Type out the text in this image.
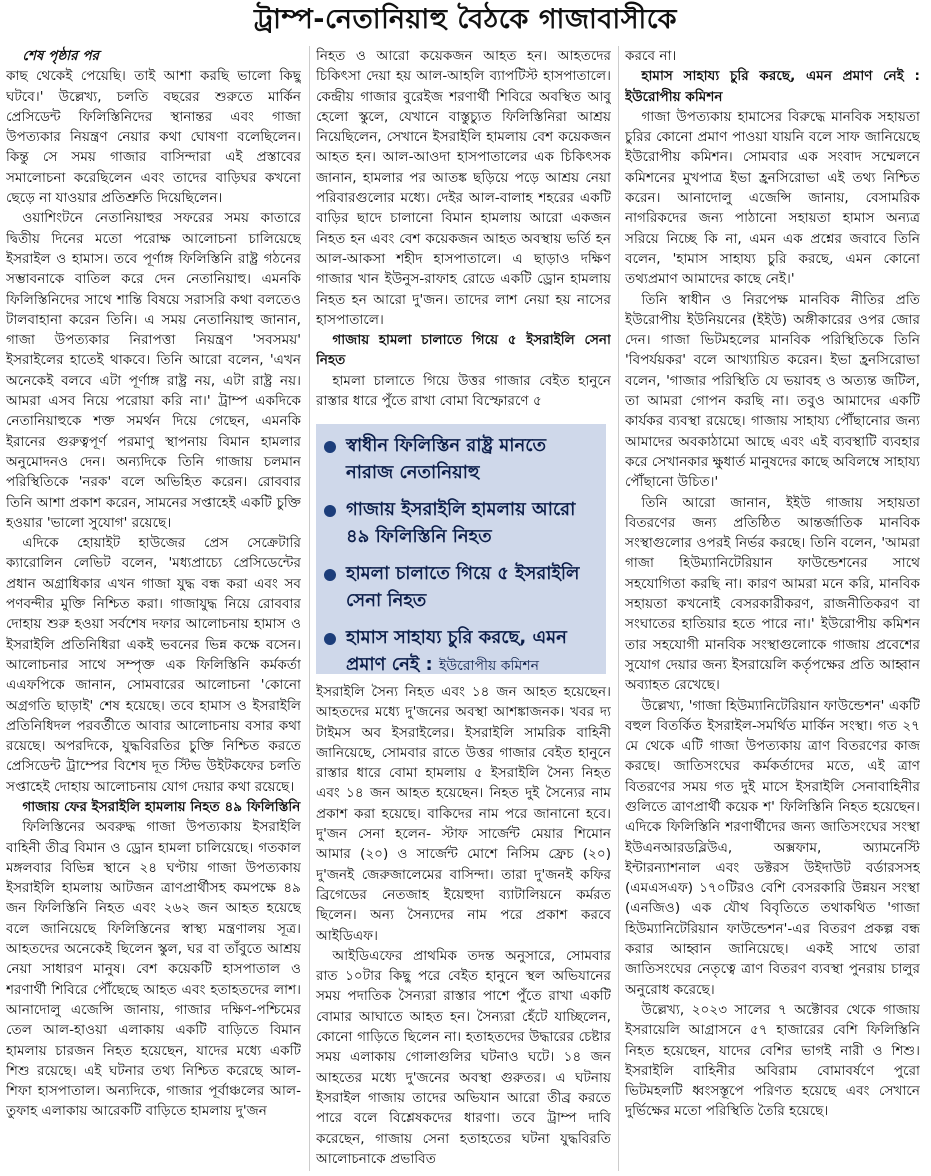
ট্রাম্প-নেতানিয়াহু বৈঠকে গাজাবাসীকে

শেষ পৃষ্ঠার পর

কাছ থেকেই পেয়েছি। তাই আশা করছি ভালো কিছু ঘটবে।' উল্লেখ্য, চলতি বছরের শুরুতে মার্কিন প্রেসিডেন্ট ফিলিস্তিনিদের স্থানান্তর এবং গাজা উপত্যকার নিয়ন্ত্রণ নেয়ার কথা ঘোষণা বলেছিলেন। কিন্তু সে সময় গাজার বাসিন্দারা এই প্রস্তাবের সমালোচনা করেছিলেন এবং তাদের বাড়িঘর কখনো ছেড়ে না যাওয়ার প্রতিশ্রুতি দিয়েছিলেন।

ওয়াশিংটনে নেতানিয়াহুর সফরের সময় কাতারে দ্বিতীয় দিনের মতো পরোক্ষ আলোচনা চালিয়েছে ইসরাইল ও হামাস। তবে পূর্ণাঙ্গ ফিলিস্তিনি রাষ্ট্র গঠনের সম্ভাবনাকে বাতিল করে দেন নেতানিয়াহু। এমনকি ফিলিস্তিনিদের সাথে শান্তি বিষয়ে সরাসরি কথা বলতেও টালবাহানা করেন তিনি। এ সময় নেতানিয়াহু জানান, গাজা উপত্যকার নিরাপত্তা নিয়ন্ত্রণ 'সবসময়' ইসরাইলের হাতেই থাকবে। তিনি আরো বলেন, 'এখন অনেকেই বলবে এটা পূর্ণাঙ্গ রাষ্ট্র নয়, এটা রাষ্ট্র নয়। আমরা এসব নিয়ে পরোয়া করি না।' ট্রাম্প একদিকে নেতানিয়াহুকে শক্ত সমর্থন দিয়ে গেছেন, এমনকি ইরানের গুরুত্বপূর্ণ পরমাণু স্থাপনায় বিমান হামলার অনুমোদনও দেন। অন্যদিকে তিনি গাজায় চলমান পরিস্থিতিকে 'নরক' বলে অভিহিত করেন। রোববার তিনি আশা প্রকাশ করেন, সামনের সপ্তাহেই একটি চুক্তি হওয়ার 'ভালো সুযোগ' রয়েছে।

এদিকে হোয়াইট হাউজের প্রেস সেক্রেটারি ক্যারোলিন লেভিট বলেন, 'মধ্যপ্রাচ্যে প্রেসিডেন্টের প্রধান অগ্রাধিকার এখন গাজা যুদ্ধ বন্ধ করা এবং সব পণবন্দীর মুক্তি নিশ্চিত করা। গাজাযুদ্ধ নিয়ে রোববার দোহায় শুরু হওয়া সর্বশেষ দফার আলোচনায় হামাস ও ইসরাইলি প্রতিনিধিরা একই ভবনের ভিন্ন কক্ষে বসেন। আলোচনার সাথে সম্পৃক্ত এক ফিলিস্তিনি কর্মকর্তা এএফপিকে জানান, সোমবারের আলোচনা 'কোনো অগ্রগতি ছাড়াই' শেষ হয়েছে। তবে হামাস ও ইসরাইলি প্রতিনিধিদল পরবর্তীতে আবার আলোচনায় বসার কথা রয়েছে। অপরদিকে, যুদ্ধবিরতির চুক্তি নিশ্চিত করতে প্রেসিডেন্ট ট্রাম্পের বিশেষ দূত স্টিভ উইটকফের চলতি সপ্তাহেই দোহায় আলোচনায় যোগ দেয়ার কথা রয়েছে।

গাজায় ফের ইসরাইলি হামলায় নিহত ৪৯ ফিলিস্তিনি

ফিলিস্তিনের অবরুদ্ধ গাজা উপত্যকায় ইসরাইলি বাহিনী তীব্র বিমান ও ড্রোন হামলা চালিয়েছে। গতকাল মঙ্গলবার বিভিন্ন স্থানে ২৪ ঘণ্টায় গাজা উপত্যকায় ইসরাইলি হামলায় আটজন ত্রাণপ্রার্থীসহ কমপক্ষে ৪৯ জন ফিলিস্তিনি নিহত এবং ২৬২ জন আহত হয়েছে বলে জানিয়েছে ফিলিস্তিনের স্বাস্থ্য মন্ত্রণালয় সূত্র। আহতদের অনেকেই ছিলেন স্কুল, ঘর বা তাঁবুতে আশ্রয় নেয়া সাধারণ মানুষ। বেশ কয়েকটি হাসপাতাল ও শরণার্থী শিবিরে পৌঁছেছে আহত এবং হতাহতদের লাশ। আনাদোলু এজেন্সি জানায়, গাজার দক্ষিণ-পশ্চিমের তেল আল-হাওয়া এলাকায় একটি বাড়িতে বিমান হামলায় চারজন নিহত হয়েছেন, যাদের মধ্যে একটি শিশু রয়েছে। এই ঘটনার তথ্য নিশ্চিত করেছে আল-শিফা হাসপাতাল। অন্যদিকে, গাজার পূর্বাঞ্চলের আল-তুফাহ এলাকায় আরেকটি বাড়িতে হামলায় দু'জন

নিহত ও আরো কয়েকজন আহত হন। আহতদের চিকিৎসা দেয়া হয় আল-আহলি ব্যাপটিস্ট হাসপাতালে। কেন্দ্রীয় গাজার বুরেইজ শরণার্থী শিবিরে অবস্থিত আবু হেলো স্কুলে, যেখানে বাস্তুচ্যুত ফিলিস্তিনিরা আশ্রয় নিয়েছিলেন, সেখানে ইসরাইলি হামলায় বেশ কয়েকজন আহত হন। আল-আওদা হাসপাতালের এক চিকিৎসক জানান, হামলার পর আতঙ্ক ছড়িয়ে পড়ে আশ্রয় নেয়া পরিবারগুলোর মধ্যে। দেইর আল-বালাহ শহরের একটি বাড়ির ছাদে চালানো বিমান হামলায় আরো একজন নিহত হন এবং বেশ কয়েকজন আহত অবস্থায় ভর্তি হন আল-আকসা শহীদ হাসপাতালে। এ ছাড়াও দক্ষিণ গাজার খান ইউনুস-রাফাহ রোডে একটি ড্রোন হামলায় নিহত হন আরো দু'জন। তাদের লাশ নেয়া হয় নাসের হাসপাতালে।

গাজায় হামলা চালাতে গিয়ে ৫ ইসরাইলি সেনা নিহত

হামলা চালাতে গিয়ে উত্তর গাজার বেইত হানুনে রাস্তার ধারে পুঁতে রাখা বোমা বিস্ফোরণে ৫

স্বাধীন ফিলিস্তিন রাষ্ট্র মানতে নারাজ নেতানিয়াহু
গাজায় ইসরাইলি হামলায় আরো ৪৯ ফিলিস্তিনি নিহত
হামলা চালাতে গিয়ে ৫ ইসরাইলি সেনা নিহত
হামাস সাহায্য চুরি করছে, এমন প্রমাণ নেই : ইউরোপীয় কমিশন

ইসরাইলি সৈন্য নিহত এবং ১৪ জন আহত হয়েছেন। আহতদের মধ্যে দু'জনের অবস্থা আশঙ্কাজনক। খবর দ্য টাইমস অব ইসরাইলের। ইসরাইলি সামরিক বাহিনী জানিয়েছে, সোমবার রাতে উত্তর গাজার বেইত হানুনে রাস্তার ধারে বোমা হামলায় ৫ ইসরাইলি সৈন্য নিহত এবং ১৪ জন আহত হয়েছেন। নিহত দুই সৈন্যের নাম প্রকাশ করা হয়েছে। বাকিদের নাম পরে জানানো হবে। দু'জন সেনা হলেন- স্টাফ সার্জেন্ট মেয়ার শিমোন আমার (২০) ও সার্জেন্ট মোশে নিসিম ফ্রেচ (২০) দু'জনই জেরুজালেমের বাসিন্দা। তারা দু'জনই কফির ব্রিগেডের নেতজাহ ইয়েহুদা ব্যাটালিয়নে কর্মরত ছিলেন। অন্য সৈন্যদের নাম পরে প্রকাশ করবে আইডিএফ।

আইডিএফের প্রাথমিক তদন্ত অনুসারে, সোমবার রাত ১০টার কিছু পরে বেইত হানুনে স্থল অভিযানের সময় পদাতিক সৈন্যরা রাস্তার পাশে পুঁতে রাখা একটি বোমার আঘাতে আহত হন। সৈন্যরা হেঁটে যাচ্ছিলেন, কোনো গাড়িতে ছিলেন না। হতাহতদের উদ্ধারের চেষ্টার সময় এলাকায় গোলাগুলির ঘটনাও ঘটে। ১৪ জন আহতের মধ্যে দু'জনের অবস্থা গুরুতর। এ ঘটনায় ইসরাইল গাজায় তাদের অভিযান আরো তীব্র করতে পারে বলে বিশ্লেষকদের ধারণা। তবে ট্রাম্প দাবি করেছেন, গাজায় সেনা হতাহতের ঘটনা যুদ্ধবিরতি আলোচনাকে প্রভাবিত

করবে না।

হামাস সাহায্য চুরি করছে, এমন প্রমাণ নেই : ইউরোপীয় কমিশন

গাজা উপত্যকায় হামাসের বিরুদ্ধে মানবিক সহায়তা চুরির কোনো প্রমাণ পাওয়া যায়নি বলে সাফ জানিয়েছে ইউরোপীয় কমিশন। সোমবার এক সংবাদ সম্মেলনে কমিশনের মুখপাত্র ইভা হ্রনসিরোভা এই তথ্য নিশ্চিত করেন। আনাদোলু এজেন্সি জানায়, বেসামরিক নাগরিকদের জন্য পাঠানো সহায়তা হামাস অন্যত্র সরিয়ে নিচ্ছে কি না, এমন এক প্রশ্নের জবাবে তিনি বলেন, 'হামাস সাহায্য চুরি করছে, এমন কোনো তথ্যপ্রমাণ আমাদের কাছে নেই।'

তিনি স্বাধীন ও নিরপেক্ষ মানবিক নীতির প্রতি ইউরোপীয় ইউনিয়নের (ইইউ) অঙ্গীকারের ওপর জোর দেন। গাজা ভিটমহলের মানবিক পরিস্থিতিকে তিনি 'বিপর্যয়কর' বলে আখ্যায়িত করেন। ইভা হ্রনসিরোভা বলেন, 'গাজার পরিস্থিতি যে ভয়াবহ ও অত্যন্ত জটিল, তা আমরা গোপন করছি না। তবুও আমাদের একটি কার্যকর ব্যবস্থা রয়েছে। গাজায় সাহায্য পৌঁছানোর জন্য আমাদের অবকাঠামো আছে এবং এই ব্যবস্থাটি ব্যবহার করে সেখানকার ক্ষুধার্ত মানুষদের কাছে অবিলম্বে সাহায্য পৌঁছানো উচিত।'

তিনি আরো জানান, ইইউ গাজায় সহায়তা বিতরণের জন্য প্রতিষ্ঠিত আন্তর্জাতিক মানবিক সংস্থাগুলোর ওপরই নির্ভর করছে। তিনি বলেন, 'আমরা গাজা হিউম্যানিটেরিয়ান ফাউন্ডেশনের সাথে সহযোগিতা করছি না। কারণ আমরা মনে করি, মানবিক সহায়তা কখনোই বেসরকারীকরণ, রাজনীতিকরণ বা সংঘাতের হাতিয়ার হতে পারে না।' ইউরোপীয় কমিশন তার সহযোগী মানবিক সংস্থাগুলোকে গাজায় প্রবেশের সুযোগ দেয়ার জন্য ইসরায়েলি কর্তৃপক্ষের প্রতি আহ্বান অব্যাহত রেখেছে।

উল্লেখ্য, 'গাজা হিউম্যানিটেরিয়ান ফাউন্ডেশন' একটি বহুল বিতর্কিত ইসরাইল-সমর্থিত মার্কিন সংস্থা। গত ২৭ মে থেকে এটি গাজা উপত্যকায় ত্রাণ বিতরণের কাজ করছে। জাতিসংঘের কর্মকর্তাদের মতে, এই ত্রাণ বিতরণের সময় গত দুই মাসে ইসরাইলি সেনাবাহিনীর গুলিতে ত্রাণপ্রার্থী কয়েক শ' ফিলিস্তিনি নিহত হয়েছেন। এদিকে ফিলিস্তিনি শরণার্থীদের জন্য জাতিসংঘের সংস্থা ইউএনআরডব্লিউএ, অক্সফাম, অ্যামনেস্টি ইন্টারন্যাশনাল এবং ডক্টরস উইদাউট বর্ডারসসহ (এমএসএফ) ১৭০টিরও বেশি বেসরকারি উন্নয়ন সংস্থা (এনজিও) এক যৌথ বিবৃতিতে তথাকথিত 'গাজা হিউম্যানিটেরিয়ান ফাউন্ডেশন'-এর বিতরণ প্রকল্প বন্ধ করার আহ্বান জানিয়েছে। একই সাথে তারা জাতিসংঘের নেতৃত্বে ত্রাণ বিতরণ ব্যবস্থা পুনরায় চালুর অনুরোধ করেছে।

উল্লেখ্য, ২০২৩ সালের ৭ অক্টোবর থেকে গাজায় ইসরায়েলি আগ্রাসনে ৫৭ হাজারের বেশি ফিলিস্তিনি নিহত হয়েছেন, যাদের বেশির ভাগই নারী ও শিশু। ইসরাইলি বাহিনীর অবিরাম বোমাবর্ষণে পুরো ভিটমহলটি ধ্বংসস্তূপে পরিণত হয়েছে এবং সেখানে দুর্ভিক্ষের মতো পরিস্থিতি তৈরি হয়েছে।
